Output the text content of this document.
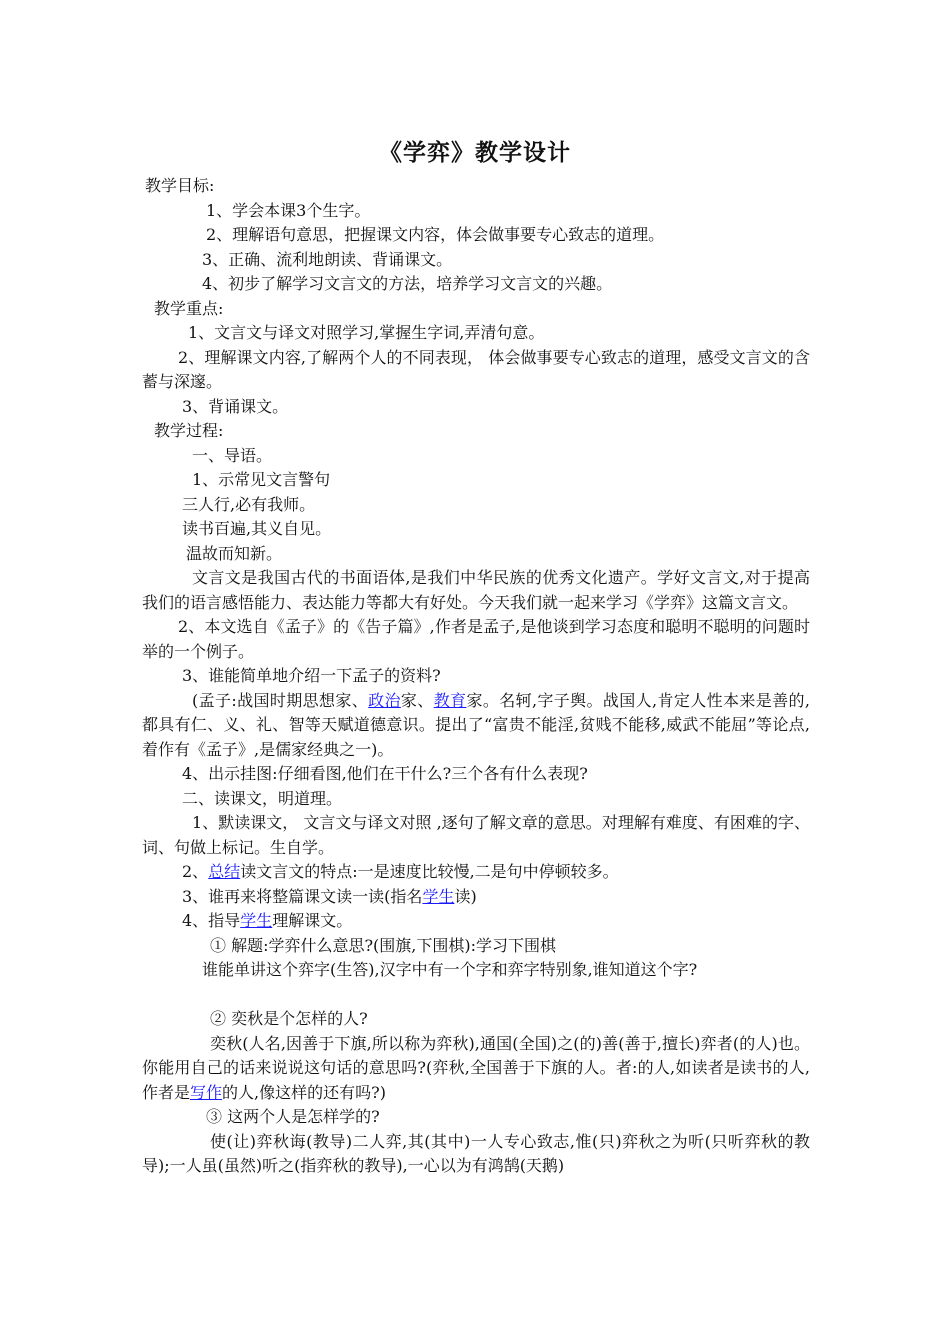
《学弈》教学设计
教学目标:
1、学会本课3个生字。
2、理解语句意思，把握课文内容，体会做事要专心致志的道理。
3、正确、流利地朗读、背诵课文。
4、初步了解学习文言文的方法，培养学习文言文的兴趣。
教学重点:
1、文言文与译文对照学习,掌握生字词,弄清句意。
2、理解课文内容,了解两个人的不同表现， 体会做事要专心致志的道理，感受文言文的含蓄与深邃。
3、背诵课文。
教学过程:
一、导语。
1、示常见文言警句
三人行,必有我师。
读书百遍,其义自见。
温故而知新。
文言文是我国古代的书面语体,是我们中华民族的优秀文化遗产。学好文言文,对于提高我们的语言感悟能力、表达能力等都大有好处。今天我们就一起来学习《学弈》这篇文言文。
2、本文选自《孟子》的《告子篇》,作者是孟子,是他谈到学习态度和聪明不聪明的问题时举的一个例子。
3、谁能简单地介绍一下孟子的资料?
(孟子:战国时期思想家、政治家、教育家。名轲,字子舆。战国人,肯定人性本来是善的,都具有仁、义、礼、智等天赋道德意识。提出了“富贵不能淫,贫贱不能移,威武不能屈”等论点,着作有《孟子》,是儒家经典之一)。
4、出示挂图:仔细看图,他们在干什么?三个各有什么表现?
二、读课文，明道理。
1、默读课文， 文言文与译文对照 ,逐句了解文章的意思。对理解有难度、有困难的字、词、句做上标记。生自学。
2、总结读文言文的特点:一是速度比较慢,二是句中停顿较多。
3、谁再来将整篇课文读一读(指名学生读)
4、指导学生理解课文。
① 解题:学弈什么意思?(围旗,下围棋):学习下围棋
谁能单讲这个弈字(生答),汉字中有一个字和弈字特别象,谁知道这个字?
② 奕秋是个怎样的人?
奕秋(人名,因善于下旗,所以称为弈秋),通国(全国)之(的)善(善于,擅长)弈者(的人)也。你能用自己的话来说说这句话的意思吗?(弈秋,全国善于下旗的人。者:的人,如读者是读书的人,作者是写作的人,像这样的还有吗?)
③ 这两个人是怎样学的?
使(让)弈秋诲(教导)二人弈,其(其中)一人专心致志,惟(只)弈秋之为听(只听弈秋的教导);一人虽(虽然)听之(指弈秋的教导),一心以为有鸿鹄(天鹅)
